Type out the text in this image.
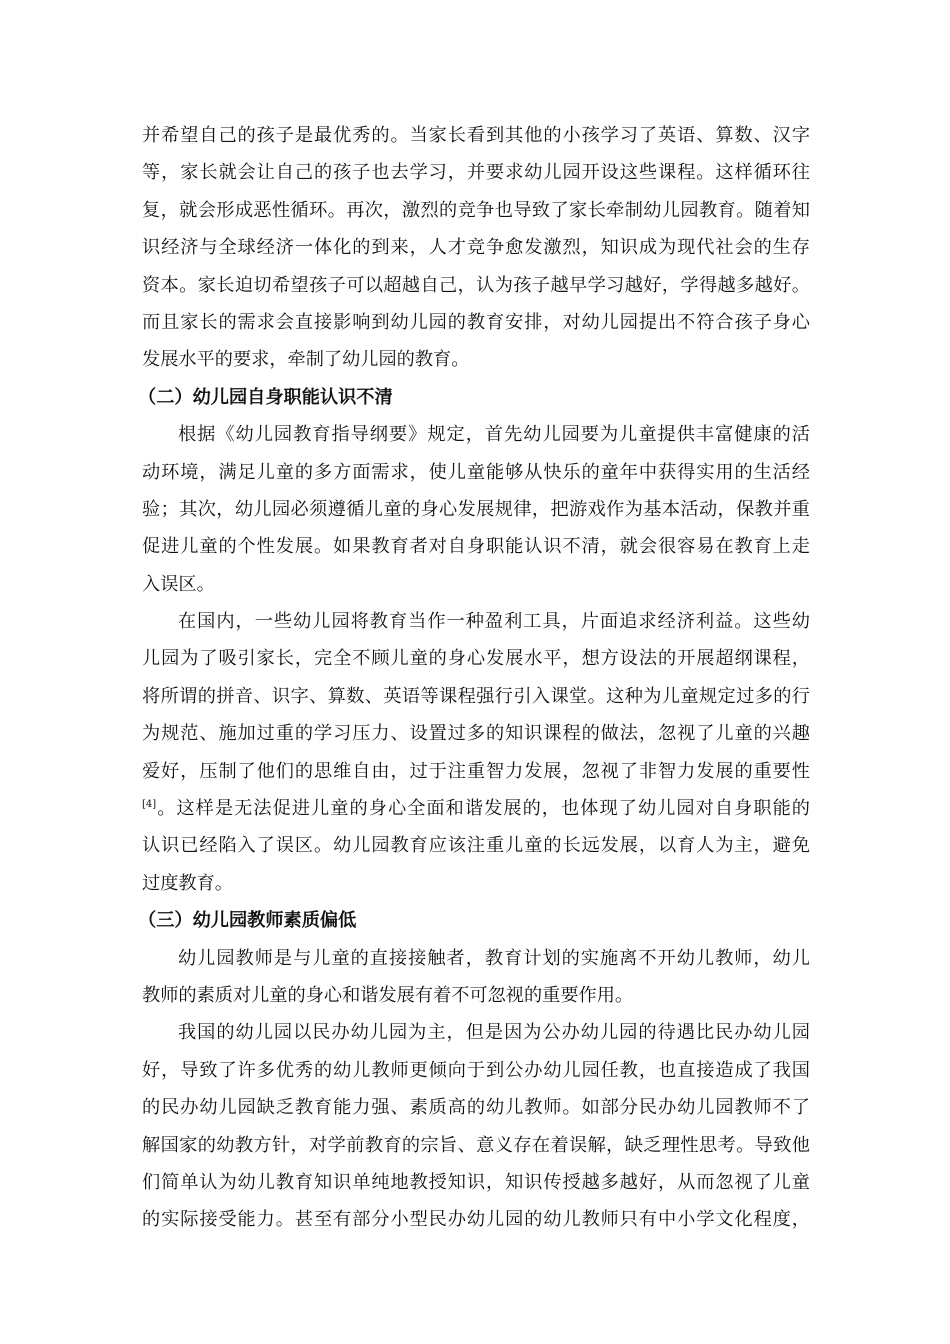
并希望自己的孩子是最优秀的。当家长看到其他的小孩学习了英语、算数、汉字
等，家长就会让自己的孩子也去学习，并要求幼儿园开设这些课程。这样循环往
复，就会形成恶性循环。再次，激烈的竞争也导致了家长牵制幼儿园教育。随着知
识经济与全球经济一体化的到来，人才竞争愈发激烈，知识成为现代社会的生存
资本。家长迫切希望孩子可以超越自己，认为孩子越早学习越好，学得越多越好。
而且家长的需求会直接影响到幼儿园的教育安排，对幼儿园提出不符合孩子身心
发展水平的要求，牵制了幼儿园的教育。
（二）幼儿园自身职能认识不清
根据《幼儿园教育指导纲要》规定，首先幼儿园要为儿童提供丰富健康的活
动环境，满足儿童的多方面需求，使儿童能够从快乐的童年中获得实用的生活经
验；其次，幼儿园必须遵循儿童的身心发展规律，把游戏作为基本活动，保教并重
促进儿童的个性发展。如果教育者对自身职能认识不清，就会很容易在教育上走
入误区。
在国内，一些幼儿园将教育当作一种盈利工具，片面追求经济利益。这些幼
儿园为了吸引家长，完全不顾儿童的身心发展水平，想方设法的开展超纲课程，
将所谓的拼音、识字、算数、英语等课程强行引入课堂。这种为儿童规定过多的行
为规范、施加过重的学习压力、设置过多的知识课程的做法，忽视了儿童的兴趣
爱好，压制了他们的思维自由，过于注重智力发展，忽视了非智力发展的重要性
[4]。这样是无法促进儿童的身心全面和谐发展的，也体现了幼儿园对自身职能的
认识已经陷入了误区。幼儿园教育应该注重儿童的长远发展，以育人为主，避免
过度教育。
（三）幼儿园教师素质偏低
幼儿园教师是与儿童的直接接触者，教育计划的实施离不开幼儿教师，幼儿
教师的素质对儿童的身心和谐发展有着不可忽视的重要作用。
我国的幼儿园以民办幼儿园为主，但是因为公办幼儿园的待遇比民办幼儿园
好，导致了许多优秀的幼儿教师更倾向于到公办幼儿园任教，也直接造成了我国
的民办幼儿园缺乏教育能力强、素质高的幼儿教师。如部分民办幼儿园教师不了
解国家的幼教方针，对学前教育的宗旨、意义存在着误解，缺乏理性思考。导致他
们简单认为幼儿教育知识单纯地教授知识，知识传授越多越好，从而忽视了儿童
的实际接受能力。甚至有部分小型民办幼儿园的幼儿教师只有中小学文化程度，
